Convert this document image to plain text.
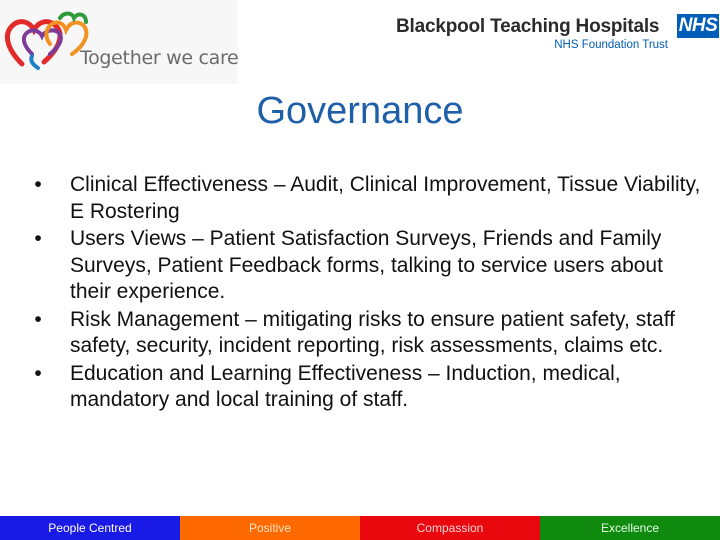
Together we care
Blackpool Teaching Hospitals NHS
NHS Foundation Trust
Governance
•	Clinical Effectiveness – Audit, Clinical Improvement, Tissue Viability, E Rostering
•	Users Views – Patient Satisfaction Surveys, Friends and Family Surveys, Patient Feedback forms, talking to service users about their experience.
•	Risk Management – mitigating risks to ensure patient safety, staff safety, security, incident reporting, risk assessments, claims etc.
•	Education and Learning Effectiveness – Induction, medical, mandatory and local training of staff.
People Centred	Positive	Compassion	Excellence
